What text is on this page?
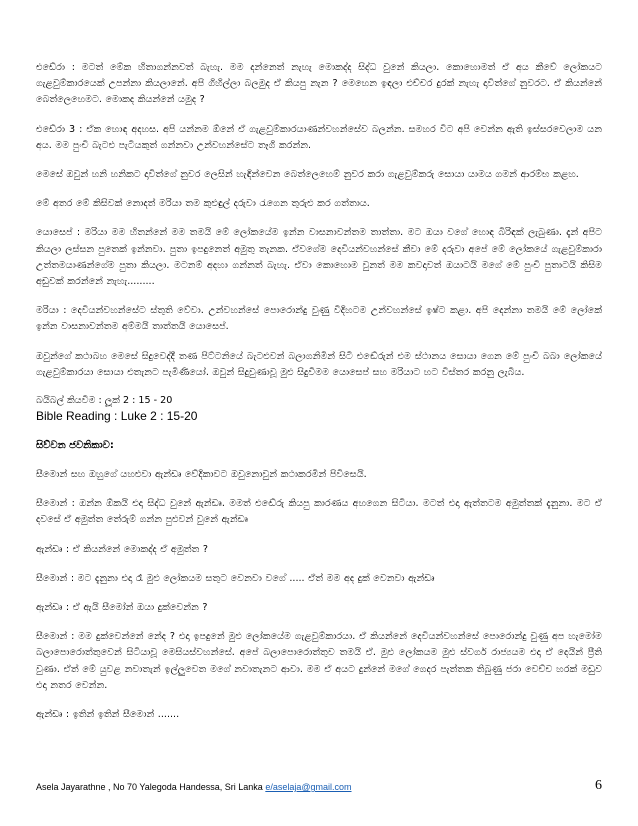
එඩේරා : මටත් මේක හිතාගන්නවත් බැහැ. මම දන්නෙත් නැහැ මොකද්ද සිද්ධ වුනේ කියලා. කොහොමත් ඒ අය කීවේ ලෝකයට ගැළවුම්කාරයෙක් උපන්නා කියලානේ. අපි ගිහිල්ලා බලමුද ඒ කියපු නැන ? මෙහෙන ඉඳලා එච්චර දුරක් නැහැ දාවිත්ගේ නුවරට. ඒ කියන්නේ බෙත්ලෙහෙමට. මොකද කියන්නේ යමුද ?

එඩේරා 3 : ඒක හොඳ අදහස. අපි යන්නම ඕනේ ඒ ගැළවුම්කාරයාණන්වහන්සේව බලන්න. සමහර විට අපි වෙන්න ඇති ඉස්සරවෙලාම යන අය. මම පුංචි බැටළු පැටියකුත් ගන්නවා උන්වහන්සේට තෑගි කරන්න.

මෙසේ ඔවුන් හනි හනිකට දාවිත්ගේ නුවර ලෙසින් හැඳින්වෙන බෙත්ලෙහෙම් නුවර කරා ගැළවුම්කරු සොයා යාමය ගමන් ආරම්භ කළහ.

මේ අතර මේ කිසිවක් නොදත් මරියා තම කුළුඳුල් දරුවා රැගෙන තුරුළු කර ගත්තාය.

යොසෙප් : මරියා මම හිතන්නේ මම තමයි මේ ලෝකයේම ඉන්න වාසනාවන්තම තාත්තා. මට ඔයා වගේ හොඳ බිරිඳක් ලැබුණා. දැන් අපිට කියලා ලස්සන පුතෙක් ඉන්නවා. පුතා ඉපදුනෙත් අමුතු තැනක. ඒවගේම දෙවියන්වහන්සේ කීවා මේ දරුවා අපේ මේ ලෝකයේ ගැළවුම්කාරා උත්තමයාණන්ගේම පුතා කියලා. මටනම් අදහා ගන්නත් බැහැ. ඒවා කොහොම වුනත් මම කවදාවත් ඔයාටයි මගේ මේ පුංචි පුතාටයි කිසිම අඩුවක් කරන්නේ නැහැ.........

මරියා : දෙවියන්වහන්සේට ස්තුති වේවා. උන්වහන්සේ පොරොන්දු වුණු විදිහටම උන්වහන්සේ ඉෂ්ට කළා. අපි දෙන්නා තමයි මේ ලෝකේ ඉන්න වාසනාවන්තම අම්මයි තාත්තයි යොසෙප්.

ඔවුන්ගේ කථාබහ මෙසේ සිදුවෙද්දී තණ පිට්ටනියේ බැටළුවන් බලාගනිමින් සිටි එඬේරුන් එම ස්ථානය සොයා ගෙන මේ පුංචි බබා ලෝකයේ ගැළවුම්කාරයා සොයා එතැනට පැමිණියෝ. ඔවුන් සිදුවුණාවූ මුළු සිදුවීමම යොසෙප් සහ මරියාට හට විස්තර කරනු ලැබීය.

බයිබල් කියවීම : ලූක් 2 : 15 - 20

Bible Reading : Luke 2 : 15-20

සිව්වන ජවනිකාව:

සීමොන් සහ ඔහුගේ යහළුවා ඇන්ඩෘ වේදිකාවට ඔවුනොවුන් කථාකරමින් පිවිසෙයි.

සීමොන් : ඔන්න ඕකයි එදා සිද්ධ වුනේ ඇන්ඩෘ. මමත් එඬේරු කියපු කාරණය අහගෙන සිටියා. මටත් එදා ඇත්තටම අමුත්තක් දැනුනා. මට ඒ දවසේ ඒ අමුත්ත තේරුම් ගන්න පුළුවන් වුනේ ඇන්ඩෘ

ඇන්ඩෘ : ඒ කියන්නේ මොකද්ද ඒ අමුත්ත ?

සීමොන් : මට දැනුනා එදා රෑ මුළු ලෝකයම සතුට වෙනවා වගේ ..... ඒත් මම අද දුක් වෙනවා ඇන්ඩෘ

ඇන්ඩෘ : ඒ ඇයි සීමෝන් ඔයා දුක්වෙන්න ?

සීමොන් : මම දුක්වෙන්නේ නේද ? එදා ඉපදුනේ මුළු ලෝකයේම ගැළවුම්කාරයා. ඒ කියන්නේ දෙවියන්වහන්සේ පොරොන්දු වුණු අප හැමෝම බලාපොරොත්තුවෙන් සිටියාවූ මෙසියස්වහන්සේ. අපේ බලාපොරොත්තුව තමයි ඒ. මුළු ලෝකයම මුළු ස්වර්ග රාජ්‍යයම එදා ඒ දෙයින් ප්‍රීති වුණා. ඒත් මේ යුවළ නවාතැන් ඉල්ලුවෙත මගේ නවාතැනට ආවා. මම ඒ අයට දුන්නේ මගේ ගෙදර පැත්තක තිබුණු ජරා වෙච්ච හරක් මඩුව එදා නතර වෙන්න.

ඇන්ඩෘ : ඉතින් ඉතින් සීමොන් .......

Asela Jayarathne , No 70 Yalegoda Handessa, Sri Lanka e/aselaja@gmail.com	6
